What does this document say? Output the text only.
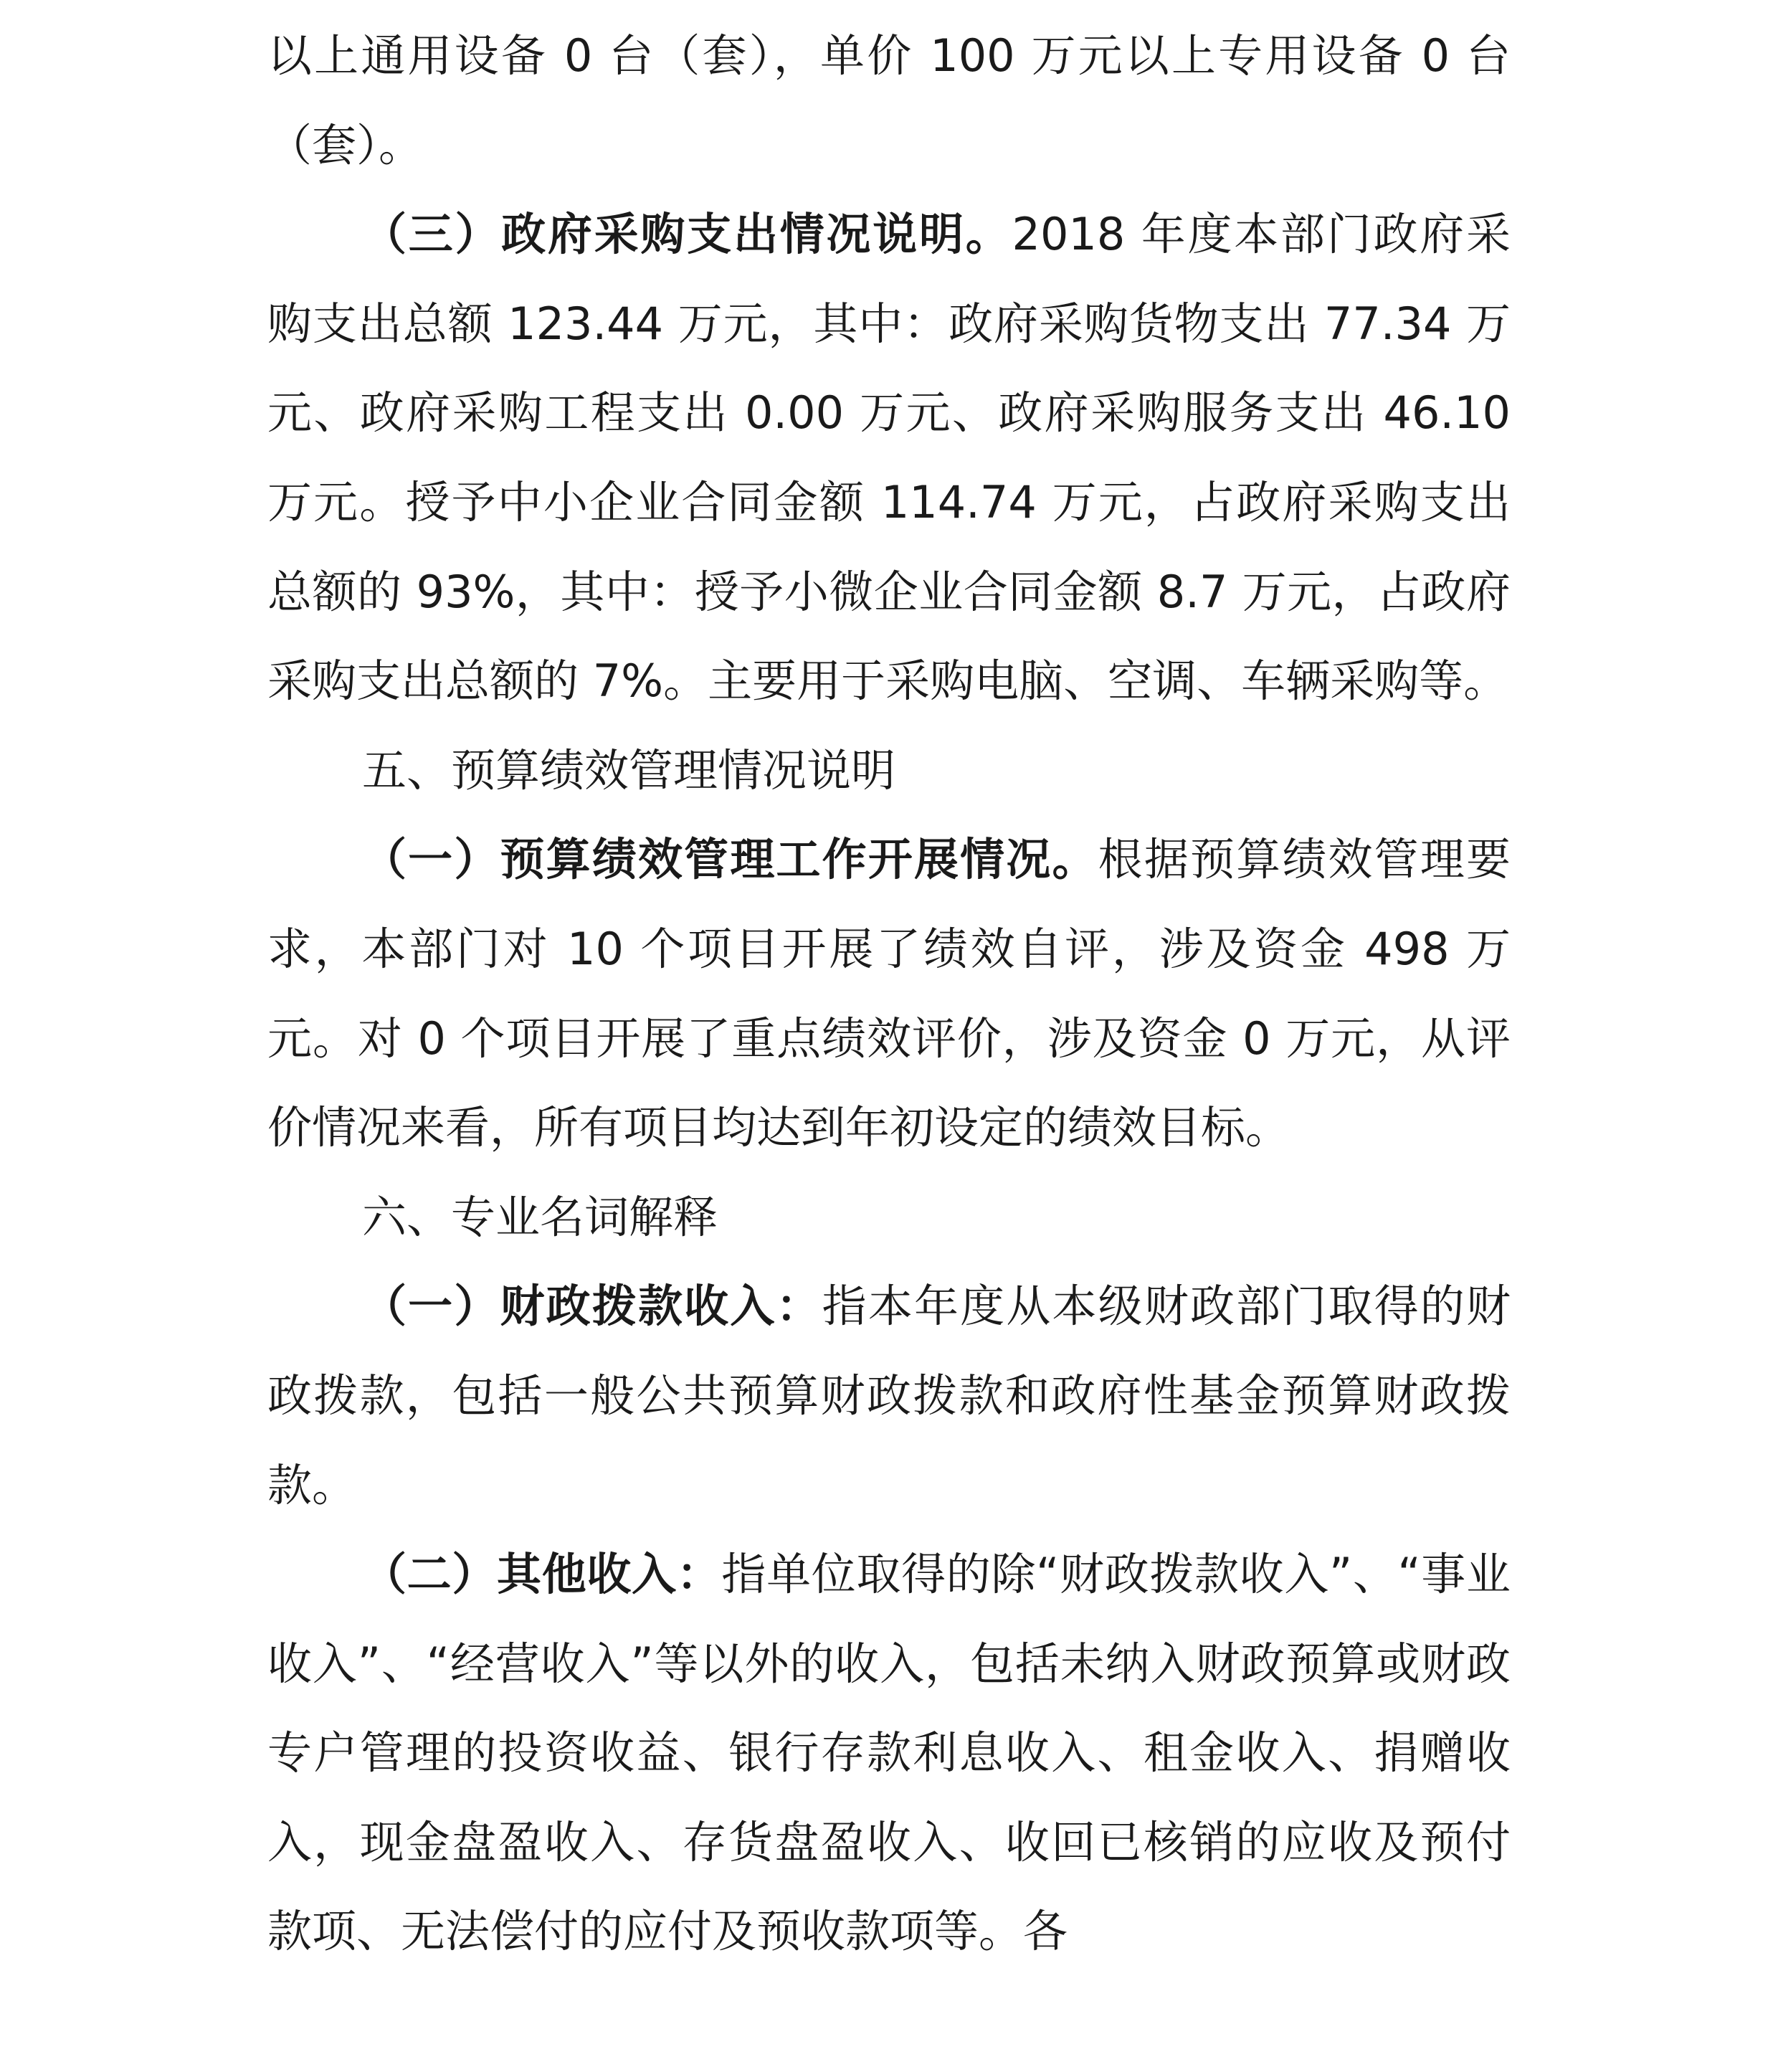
以上通用设备 0 台（套），单价 100 万元以上专用设备 0 台（套）。

（三）政府采购支出情况说明。2018 年度本部门政府采购支出总额 123.44 万元，其中：政府采购货物支出 77.34 万元、政府采购工程支出 0.00 万元、政府采购服务支出 46.10 万元。授予中小企业合同金额 114.74 万元，占政府采购支出总额的 93%，其中：授予小微企业合同金额 8.7 万元，占政府采购支出总额的 7%。主要用于采购电脑、空调、车辆采购等。

五、预算绩效管理情况说明

（一）预算绩效管理工作开展情况。根据预算绩效管理要求，本部门对 10 个项目开展了绩效自评，涉及资金 498 万元。对 0 个项目开展了重点绩效评价，涉及资金 0 万元，从评价情况来看，所有项目均达到年初设定的绩效目标。

六、专业名词解释

（一）财政拨款收入：指本年度从本级财政部门取得的财政拨款，包括一般公共预算财政拨款和政府性基金预算财政拨款。

（二）其他收入：指单位取得的除“财政拨款收入”、“事业收入”、“经营收入”等以外的收入，包括未纳入财政预算或财政专户管理的投资收益、银行存款利息收入、租金收入、捐赠收入，现金盘盈收入、存货盘盈收入、收回已核销的应收及预付款项、无法偿付的应付及预收款项等。各
